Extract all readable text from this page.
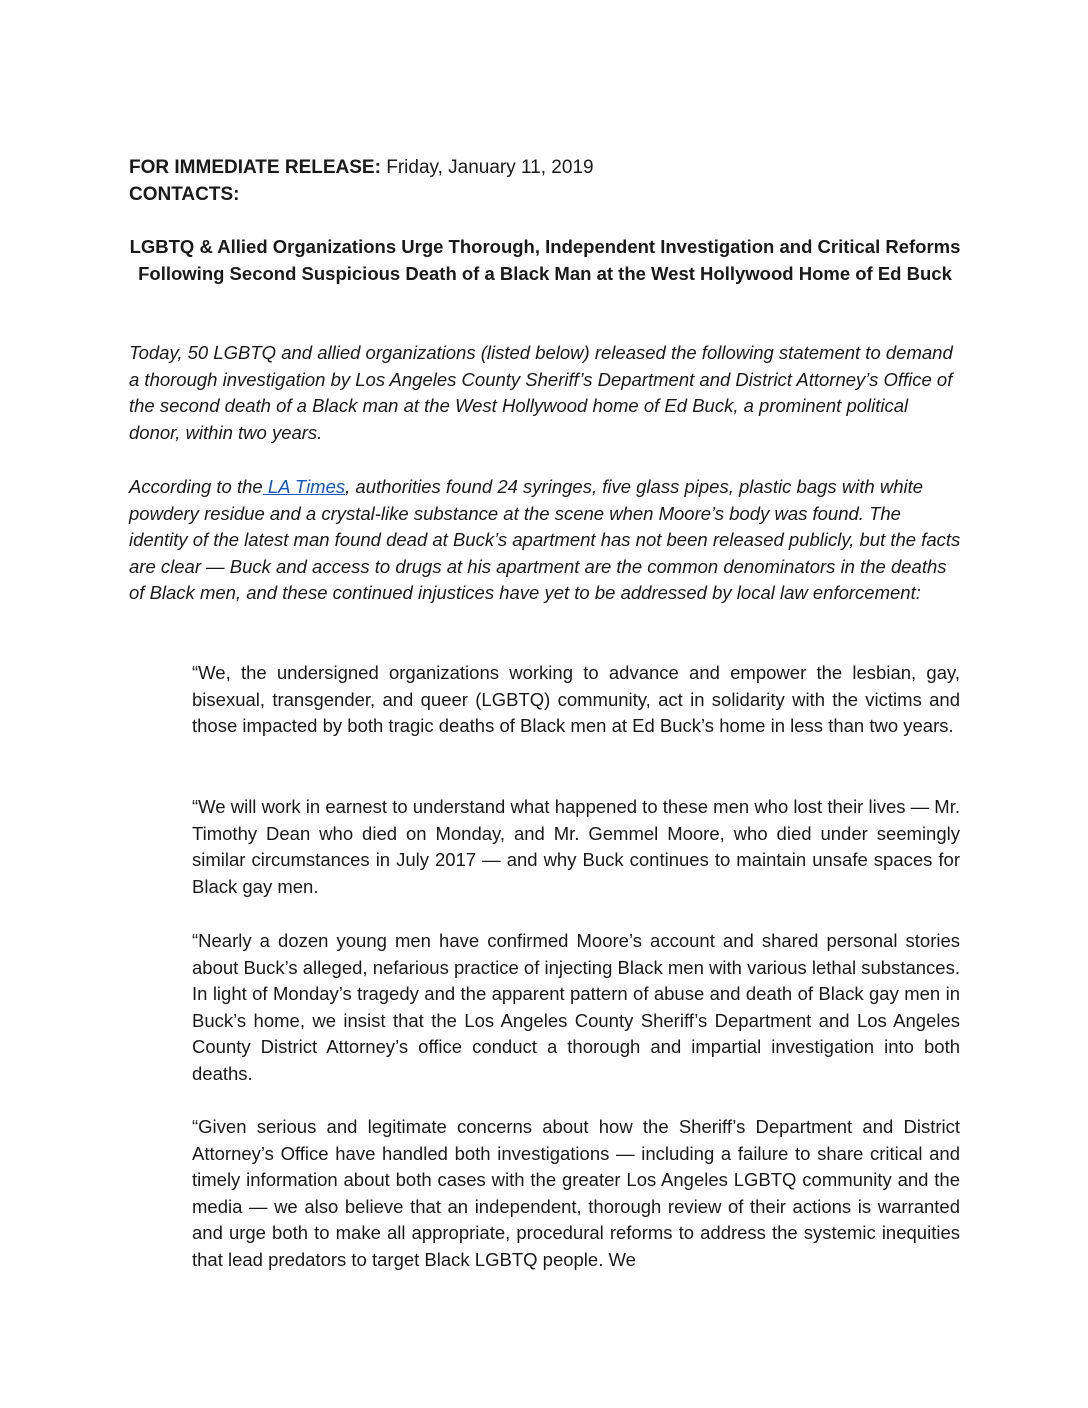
FOR IMMEDIATE RELEASE: Friday, January 11, 2019
CONTACTS:
LGBTQ & Allied Organizations Urge Thorough, Independent Investigation and Critical Reforms Following Second Suspicious Death of a Black Man at the West Hollywood Home of Ed Buck

Today, 50 LGBTQ and allied organizations (listed below) released the following statement to demand a thorough investigation by Los Angeles County Sheriff’s Department and District Attorney’s Office of the second death of a Black man at the West Hollywood home of Ed Buck, a prominent political donor, within two years.

According to the LA Times, authorities found 24 syringes, five glass pipes, plastic bags with white powdery residue and a crystal-like substance at the scene when Moore’s body was found. The identity of the latest man found dead at Buck’s apartment has not been released publicly, but the facts are clear — Buck and access to drugs at his apartment are the common denominators in the deaths of Black men, and these continued injustices have yet to be addressed by local law enforcement:

“We, the undersigned organizations working to advance and empower the lesbian, gay, bisexual, transgender, and queer (LGBTQ) community, act in solidarity with the victims and those impacted by both tragic deaths of Black men at Ed Buck’s home in less than two years.

“We will work in earnest to understand what happened to these men who lost their lives — Mr. Timothy Dean who died on Monday, and Mr. Gemmel Moore, who died under seemingly similar circumstances in July 2017 — and why Buck continues to maintain unsafe spaces for Black gay men.

“Nearly a dozen young men have confirmed Moore’s account and shared personal stories about Buck’s alleged, nefarious practice of injecting Black men with various lethal substances. In light of Monday’s tragedy and the apparent pattern of abuse and death of Black gay men in Buck’s home, we insist that the Los Angeles County Sheriff’s Department and Los Angeles County District Attorney’s office conduct a thorough and impartial investigation into both deaths.

“Given serious and legitimate concerns about how the Sheriff’s Department and District Attorney’s Office have handled both investigations — including a failure to share critical and timely information about both cases with the greater Los Angeles LGBTQ community and the media — we also believe that an independent, thorough review of their actions is warranted and urge both to make all appropriate, procedural reforms to address the systemic inequities that lead predators to target Black LGBTQ people. We
